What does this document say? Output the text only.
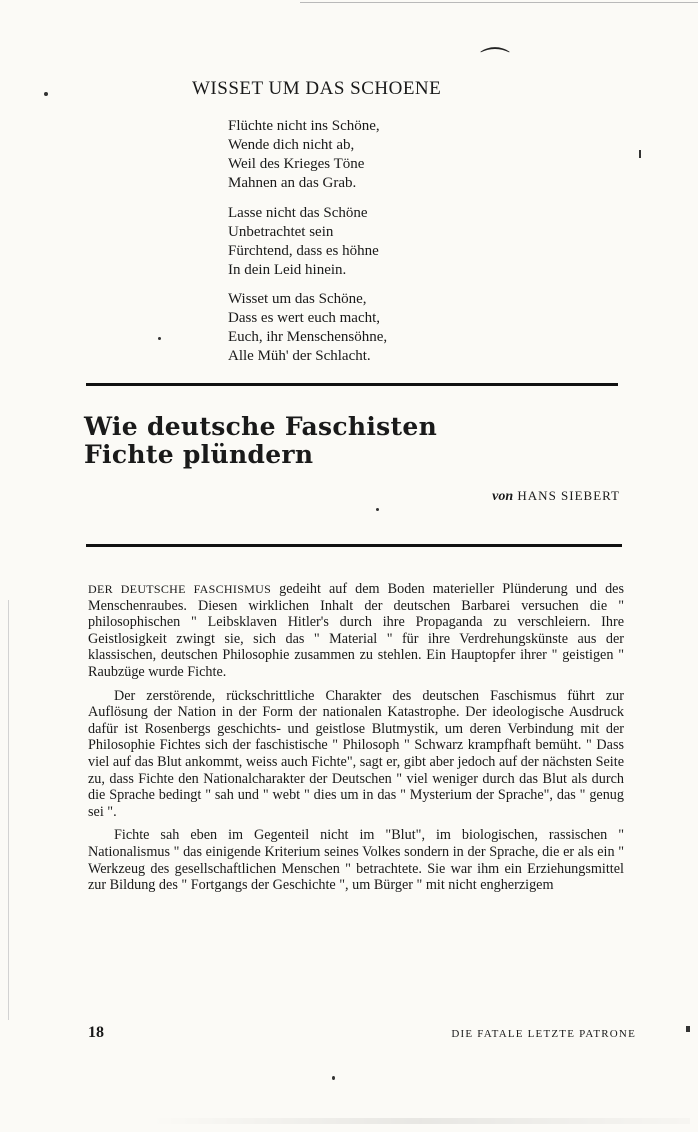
⌒
WISSET UM DAS SCHOENE
Flüchte nicht ins Schöne,
Wende dich nicht ab,
Weil des Krieges Töne
Mahnen an das Grab.
Lasse nicht das Schöne
Unbetrachtet sein
Fürchtend, dass es höhne
In dein Leid hinein.
Wisset um das Schöne,
Dass es wert euch macht,
Euch, ihr Menschensöhne,
Alle Müh' der Schlacht.
Wie deutsche Faschisten
Fichte plündern
von HANS SIEBERT

DER DEUTSCHE FASCHISMUS gedeiht auf dem Boden materieller Plünderung und des Menschenraubes. Diesen wirklichen Inhalt der deutschen Barbarei versuchen die " philosophischen " Leibsklaven Hitler's durch ihre Propaganda zu verschleiern. Ihre Geistlosigkeit zwingt sie, sich das " Material " für ihre Verdrehungskünste aus der klassischen, deutschen Philosophie zusammen zu stehlen. Ein Hauptopfer ihrer " geistigen " Raubzüge wurde Fichte.

Der zerstörende, rückschrittliche Charakter des deutschen Faschismus führt zur Auflösung der Nation in der Form der nationalen Katastrophe. Der ideologische Ausdruck dafür ist Rosenbergs geschichts- und geistlose Blutmystik, um deren Verbindung mit der Philosophie Fichtes sich der faschistische " Philosoph " Schwarz krampfhaft bemüht. " Dass viel auf das Blut ankommt, weiss auch Fichte", sagt er, gibt aber jedoch auf der nächsten Seite zu, dass Fichte den Nationalcharakter der Deutschen " viel weniger durch das Blut als durch die Sprache bedingt " sah und " webt " dies um in das " Mysterium der Sprache", das " genug sei ".

Fichte sah eben im Gegenteil nicht im "Blut", im biologischen, rassischen " Nationalismus " das einigende Kriterium seines Volkes sondern in der Sprache, die er als ein " Werkzeug des gesellschaftlichen Menschen " betrachtete. Sie war ihm ein Erziehungsmittel zur Bildung des " Fortgangs der Geschichte ", um Bürger " mit nicht engherzigem

18	DIE FATALE LETZTE PATRONE
